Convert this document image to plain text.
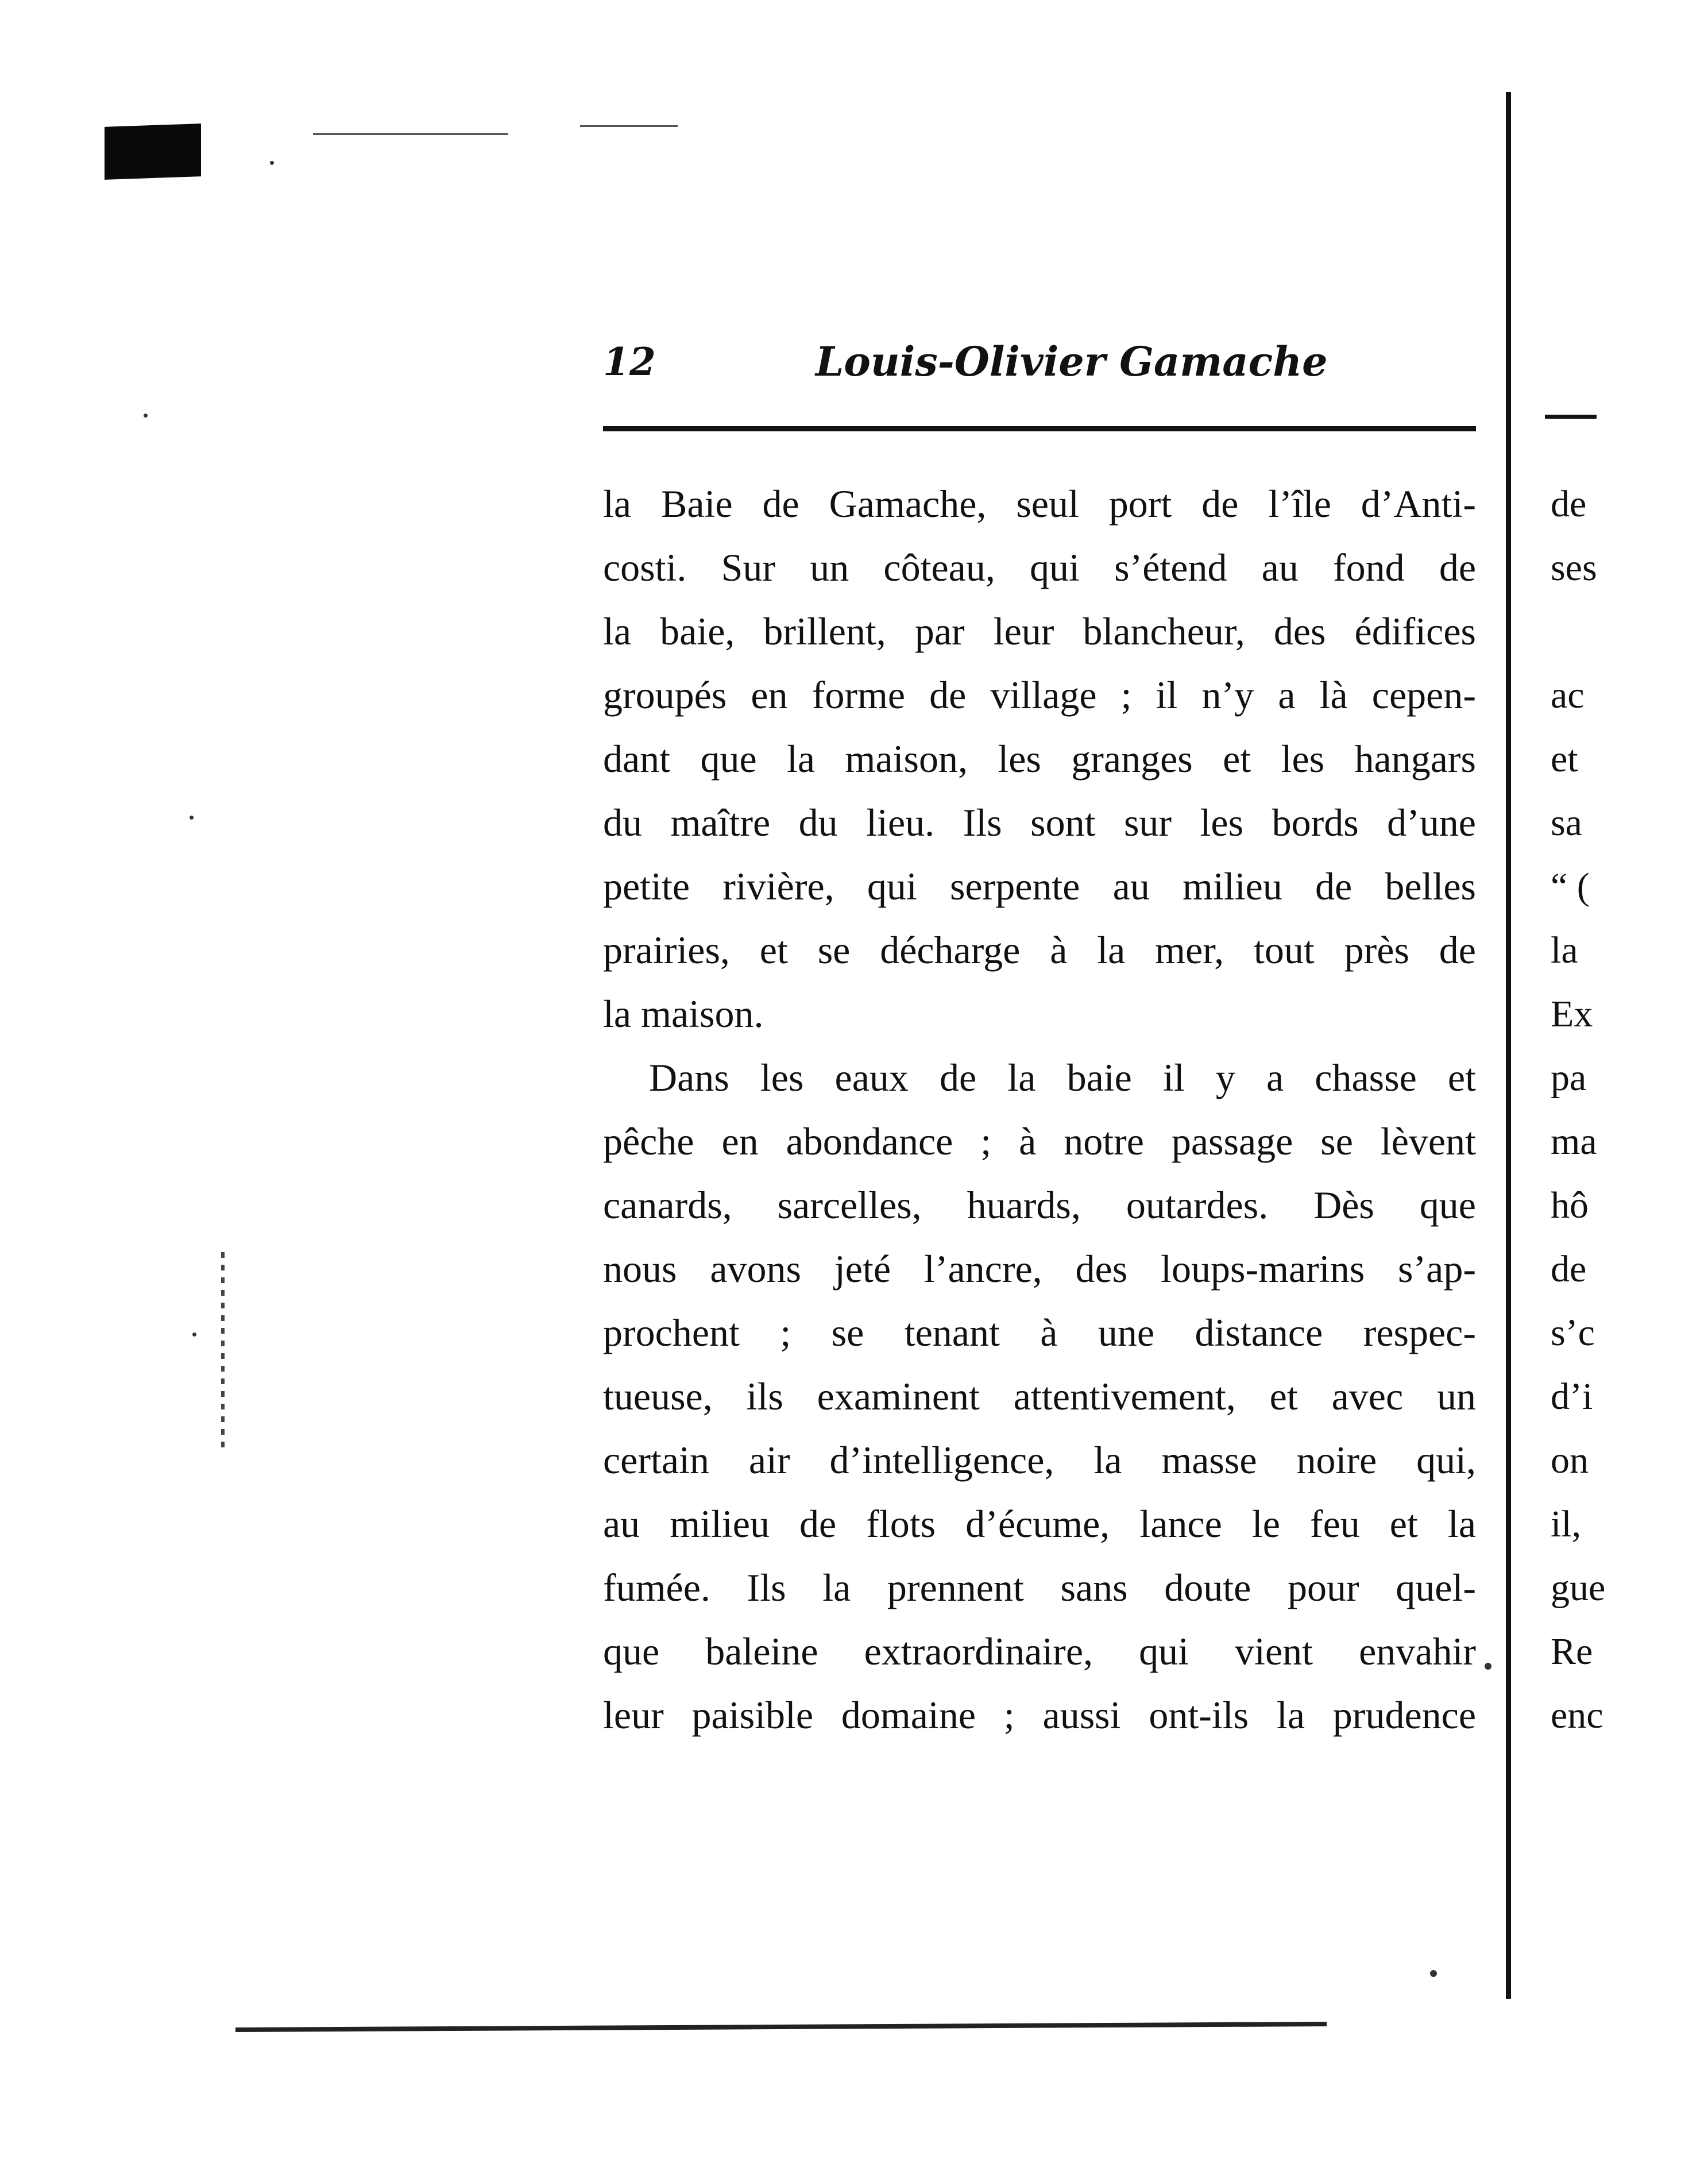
12	Louis-Olivier Gamache
la Baie de Gamache, seul port de l’île d’Anti-
costi. Sur un côteau, qui s’étend au fond de
la baie, brillent, par leur blancheur, des édifices
groupés en forme de village ; il n’y a là cepen-
dant que la maison, les granges et les hangars
du maître du lieu. Ils sont sur les bords d’une
petite rivière, qui serpente au milieu de belles
prairies, et se décharge à la mer, tout près de
la maison.
Dans les eaux de la baie il y a chasse et
pêche en abondance ; à notre passage se lèvent
canards, sarcelles, huards, outardes. Dès que
nous avons jeté l’ancre, des loups-marins s’ap-
prochent ; se tenant à une distance respec-
tueuse, ils examinent attentivement, et avec un
certain air d’intelligence, la masse noire qui,
au milieu de flots d’écume, lance le feu et la
fumée. Ils la prennent sans doute pour quel-
que baleine extraordinaire, qui vient envahir
leur paisible domaine ; aussi ont-ils la prudence
de
ses
ac
et
sa
“ (
la
Ex
pa
ma
hô
de
s’c
d’i
on
il,
gue
Re
enc
